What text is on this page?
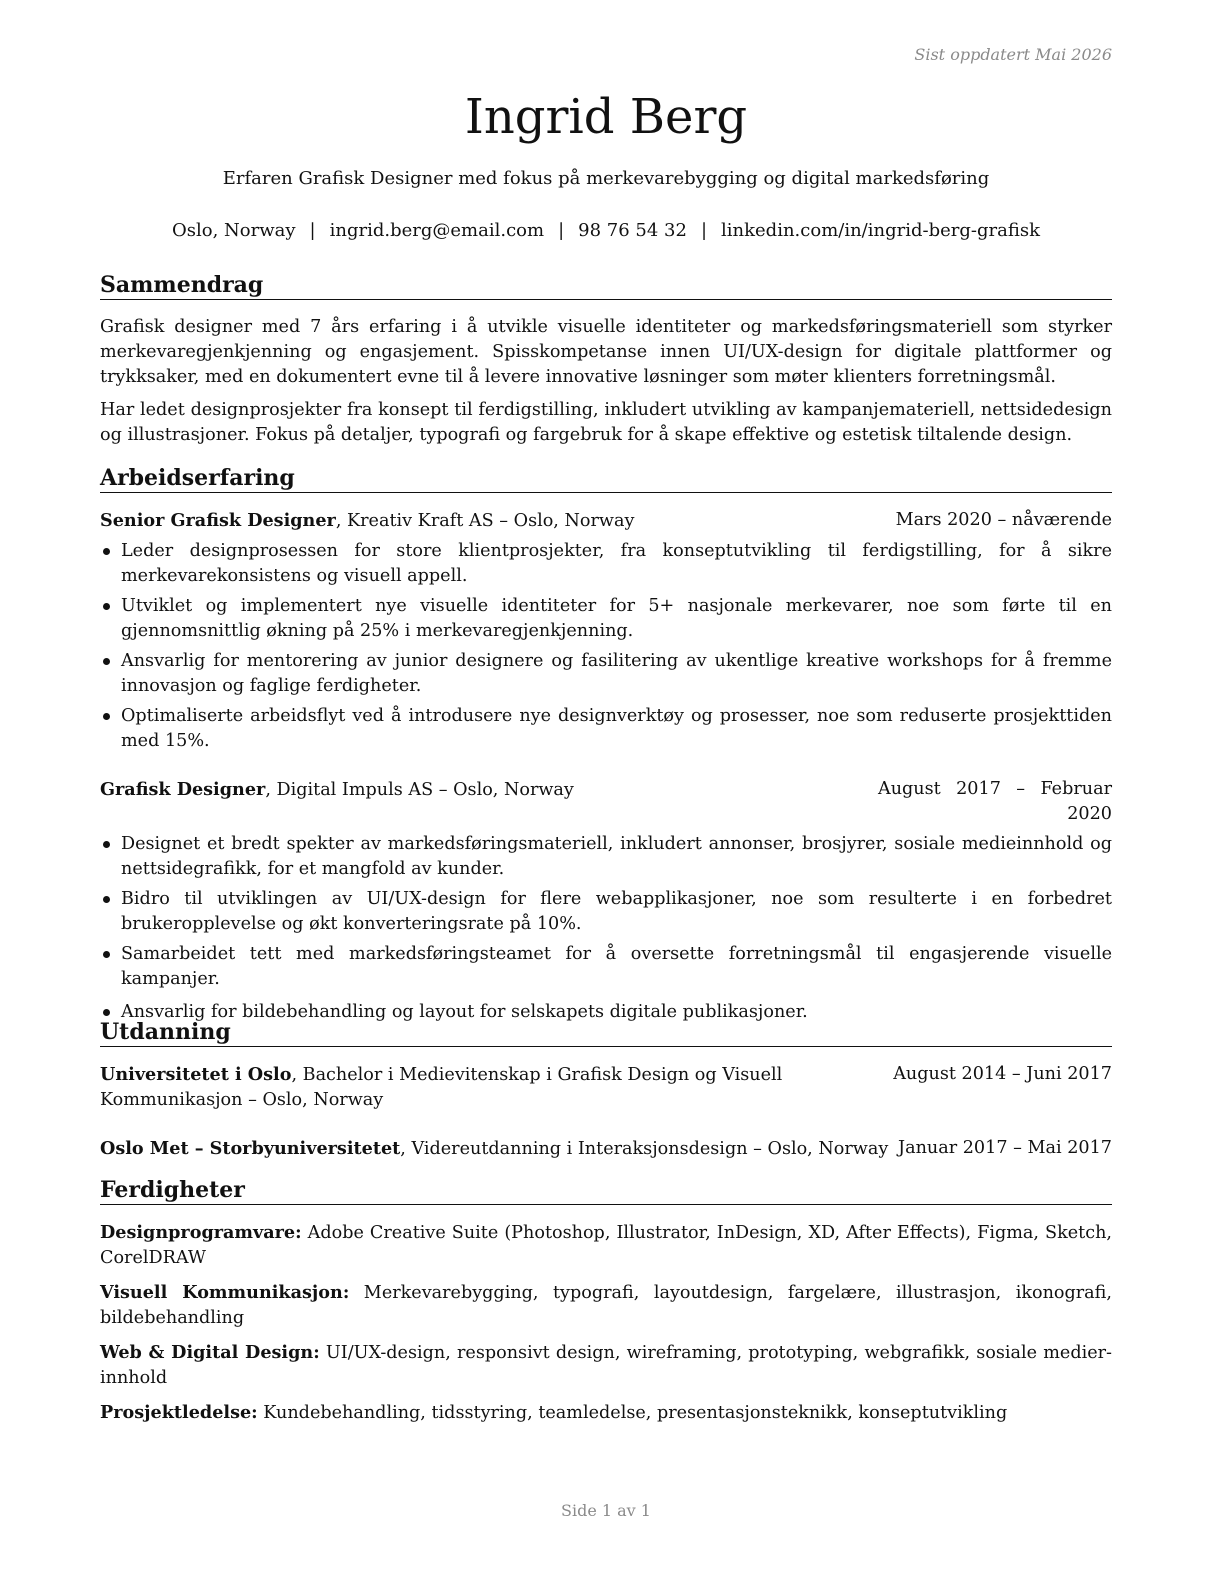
Sist oppdatert Mai 2026
Ingrid Berg
Erfaren Grafisk Designer med fokus på merkevarebygging og digital markedsføring
Oslo, Norway | ingrid.berg@email.com | 98 76 54 32 | linkedin.com/in/ingrid-berg-grafisk
Sammendrag

Grafisk designer med 7 års erfaring i å utvikle visuelle identiteter og markedsføringsmateriell som styrker merkevaregjenkjenning og engasjement. Spisskompetanse innen UI/UX-design for digitale plattformer og trykksaker, med en dokumentert evne til å levere innovative løsninger som møter klienters forretningsmål.

Har ledet designprosjekter fra konsept til ferdigstilling, inkludert utvikling av kampanjemateriell, nettsidedesign og illustrasjoner. Fokus på detaljer, typografi og fargebruk for å skape effektive og estetisk tiltalende design.

Arbeidserfaring
Senior Grafisk Designer, Kreativ Kraft AS – Oslo, Norway	Mars 2020 – nåværende
Leder designprosessen for store klientprosjekter, fra konseptutvikling til ferdigstilling, for å sikre merkevarekonsistens og visuell appell.
Utviklet og implementert nye visuelle identiteter for 5+ nasjonale merkevarer, noe som førte til en gjennomsnittlig økning på 25% i merkevaregjenkjenning.
Ansvarlig for mentorering av junior designere og fasilitering av ukentlige kreative workshops for å fremme innovasjon og faglige ferdigheter.
Optimaliserte arbeidsflyt ved å introdusere nye designverktøy og prosesser, noe som reduserte prosjekttiden med 15%.
Grafisk Designer, Digital Impuls AS – Oslo, Norway	August 2017 – Februar 2020
Designet et bredt spekter av markedsføringsmateriell, inkludert annonser, brosjyrer, sosiale medieinnhold og nettsidegrafikk, for et mangfold av kunder.
Bidro til utviklingen av UI/UX-design for flere webapplikasjoner, noe som resulterte i en forbedret brukeropplevelse og økt konverteringsrate på 10%.
Samarbeidet tett med markedsføringsteamet for å oversette forretningsmål til engasjerende visuelle kampanjer.
Ansvarlig for bildebehandling og layout for selskapets digitale publikasjoner.
Utdanning
Universitetet i Oslo, Bachelor i Medievitenskap i Grafisk Design og Visuell Kommunikasjon – Oslo, Norway
August 2014 – Juni 2017
Oslo Met – Storbyuniversitetet, Videreutdanning i Interaksjonsdesign – Oslo, Norway Januar 2017 – Mai 2017
Ferdigheter
Designprogramvare: Adobe Creative Suite (Photoshop, Illustrator, InDesign, XD, After Effects), Figma, Sketch, CorelDRAW
Visuell Kommunikasjon: Merkevarebygging, typografi, layoutdesign, fargelære, illustrasjon, ikonografi, bildebehandling
Web & Digital Design: UI/UX-design, responsivt design, wireframing, prototyping, webgrafikk, sosiale medier-innhold
Prosjektledelse: Kundebehandling, tidsstyring, teamledelse, presentasjonsteknikk, konseptutvikling
Side 1 av 1
